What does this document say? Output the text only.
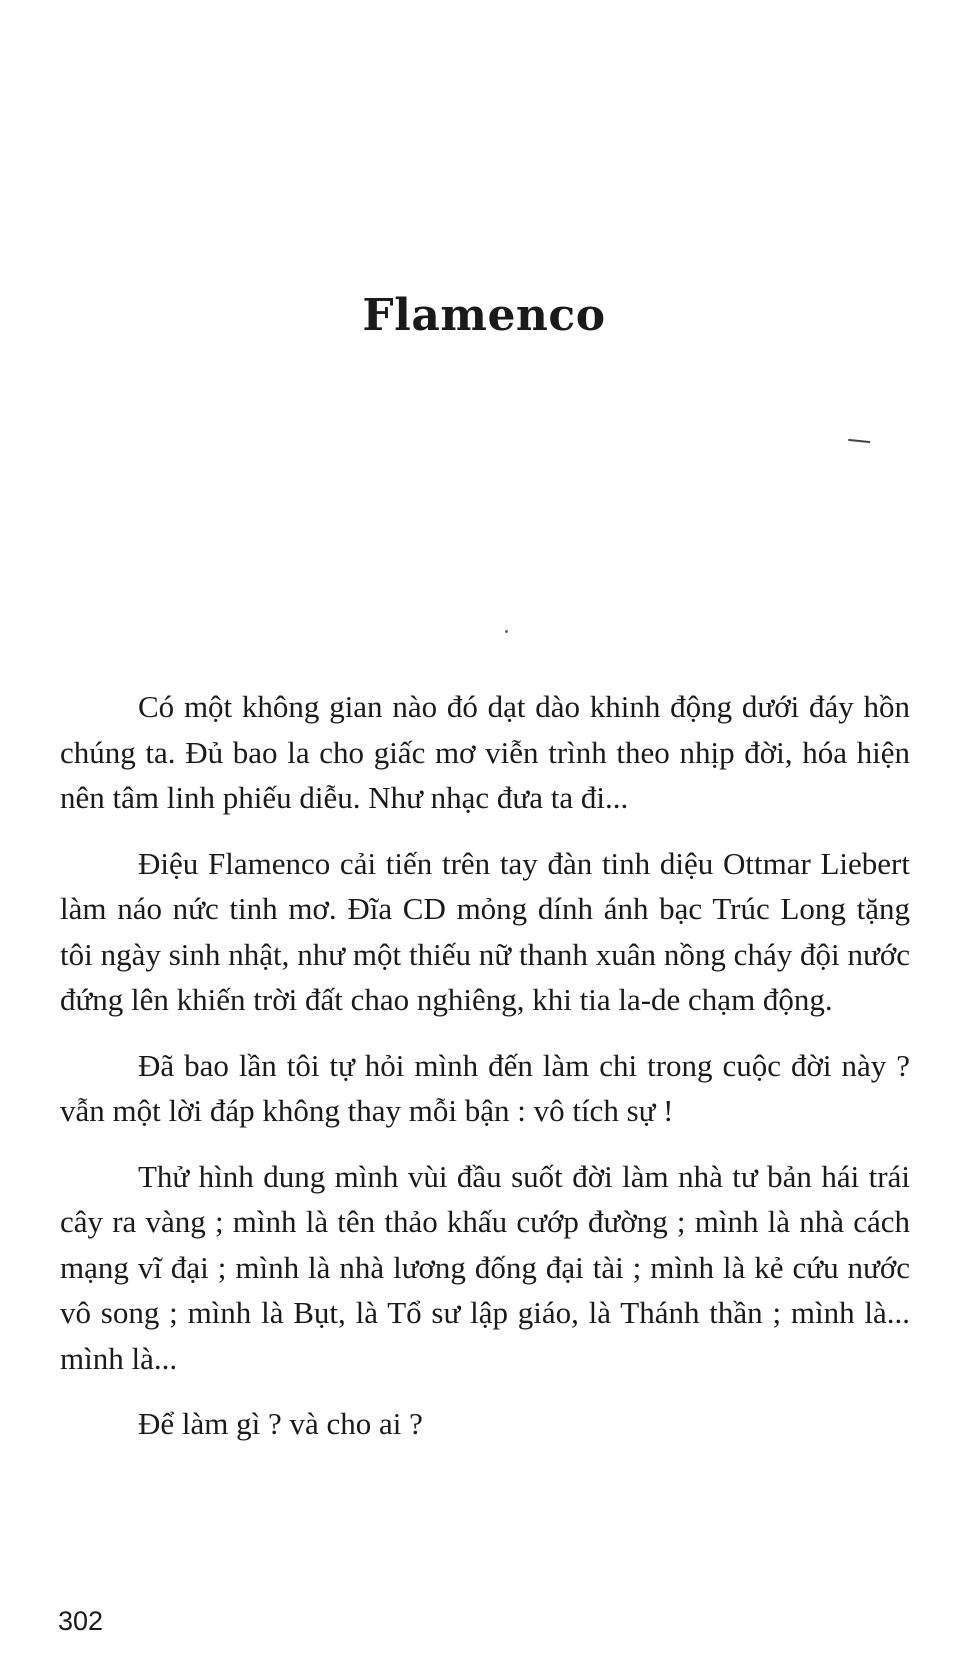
Flamenco

Có một không gian nào đó dạt dào khinh động dưới đáy hồn chúng ta. Đủ bao la cho giấc mơ viễn trình theo nhịp đời, hóa hiện nên tâm linh phiếu diễu. Như nhạc đưa ta đi...

Điệu Flamenco cải tiến trên tay đàn tinh diệu Ottmar Liebert làm náo nức tinh mơ. Đĩa CD mỏng dính ánh bạc Trúc Long tặng tôi ngày sinh nhật, như một thiếu nữ thanh xuân nồng cháy đội nước đứng lên khiến trời đất chao nghiêng, khi tia la-de chạm động.

Đã bao lần tôi tự hỏi mình đến làm chi trong cuộc đời này ? vẫn một lời đáp không thay mỗi bận : vô tích sự !

Thử hình dung mình vùi đầu suốt đời làm nhà tư bản hái trái cây ra vàng ; mình là tên thảo khấu cướp đường ; mình là nhà cách mạng vĩ đại ; mình là nhà lương đống đại tài ; mình là kẻ cứu nước vô song ; mình là Bụt, là Tổ sư lập giáo, là Thánh thần ; mình là... mình là...

Để làm gì ? và cho ai ?

302
